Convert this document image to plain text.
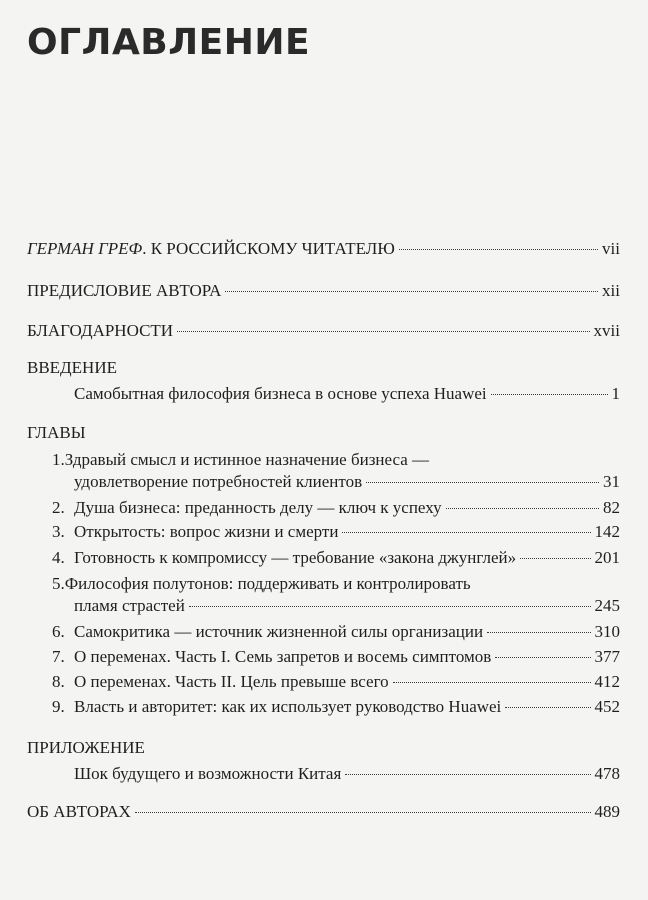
ОГЛАВЛЕНИЕ
ГЕРМАН ГРЕФ . К РОССИЙСКОМУ ЧИТАТЕЛЮ	vii
ПРЕДИСЛОВИЕ АВТОРА	xii
БЛАГОДАРНОСТИ	xvii
ВВЕДЕНИЕ
Самобытная философия бизнеса в основе успеха Huawei	1
ГЛАВЫ
1.Здравый смысл и истинное назначение бизнеса —
удовлетворение потребностей клиентов	31
2. Душа бизнеса: преданность делу — ключ к успеху	82
3. Открытость: вопрос жизни и смерти	142
4. Готовность к компромиссу — требование «закона джунглей»	201
5.Философия полутонов: поддерживать и контролировать
пламя страстей	245
6. Самокритика — источник жизненной силы организации	310
7. О переменах. Часть I. Семь запретов и восемь симптомов	377
8. О переменах. Часть II. Цель превыше всего	412
9. Власть и авторитет: как их использует руководство Huawei	452
ПРИЛОЖЕНИЕ
Шок будущего и возможности Китая	478
ОБ АВТОРАХ	489
